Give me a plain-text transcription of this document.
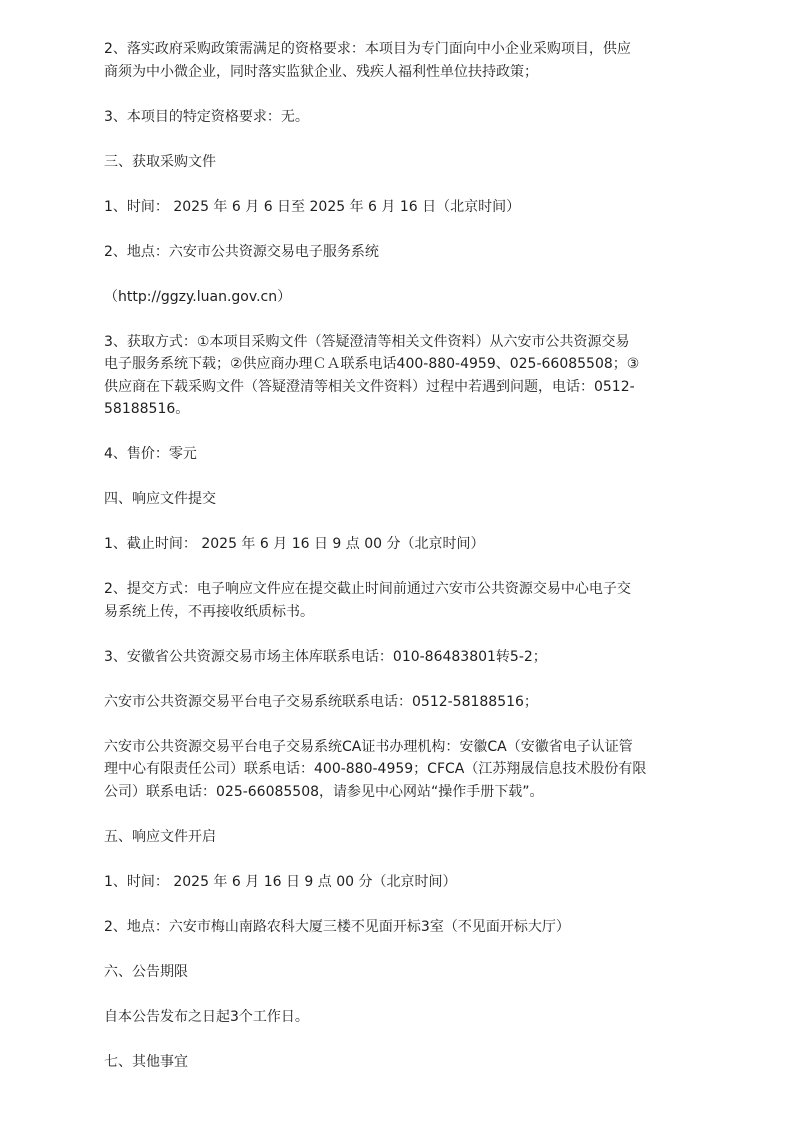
2、落实政府采购政策需满足的资格要求：本项目为专门面向中小企业采购项目，供应

商须为中小微企业，同时落实监狱企业、残疾人福利性单位扶持政策；

3、本项目的特定资格要求：无。

三、获取采购文件

1、时间： 2025 年 6 月 6 日至 2025 年 6 月 16 日（北京时间）

2、地点：六安市公共资源交易电子服务系统

（http://ggzy.luan.gov.cn）

3、获取方式：①本项目采购文件（答疑澄清等相关文件资料）从六安市公共资源交易

电子服务系统下载；②供应商办理ＣＡ联系电话400-880-4959、025-66085508；③

供应商在下载采购文件（答疑澄清等相关文件资料）过程中若遇到问题，电话：0512-

58188516。

4、售价：零元

四、响应文件提交

1、截止时间： 2025 年 6 月 16 日 9 点 00 分（北京时间）

2、提交方式：电子响应文件应在提交截止时间前通过六安市公共资源交易中心电子交

易系统上传，不再接收纸质标书。

3、安徽省公共资源交易市场主体库联系电话：010-86483801转5-2；

六安市公共资源交易平台电子交易系统联系电话：0512-58188516；

六安市公共资源交易平台电子交易系统CA证书办理机构：安徽CA（安徽省电子认证管

理中心有限责任公司）联系电话：400-880-4959；CFCA（江苏翔晟信息技术股份有限

公司）联系电话：025-66085508，请参见中心网站“操作手册下载”。

五、响应文件开启

1、时间： 2025 年 6 月 16 日 9 点 00 分（北京时间）

2、地点：六安市梅山南路农科大厦三楼不见面开标3室（不见面开标大厅）

六、公告期限

自本公告发布之日起3个工作日。

七、其他事宜
